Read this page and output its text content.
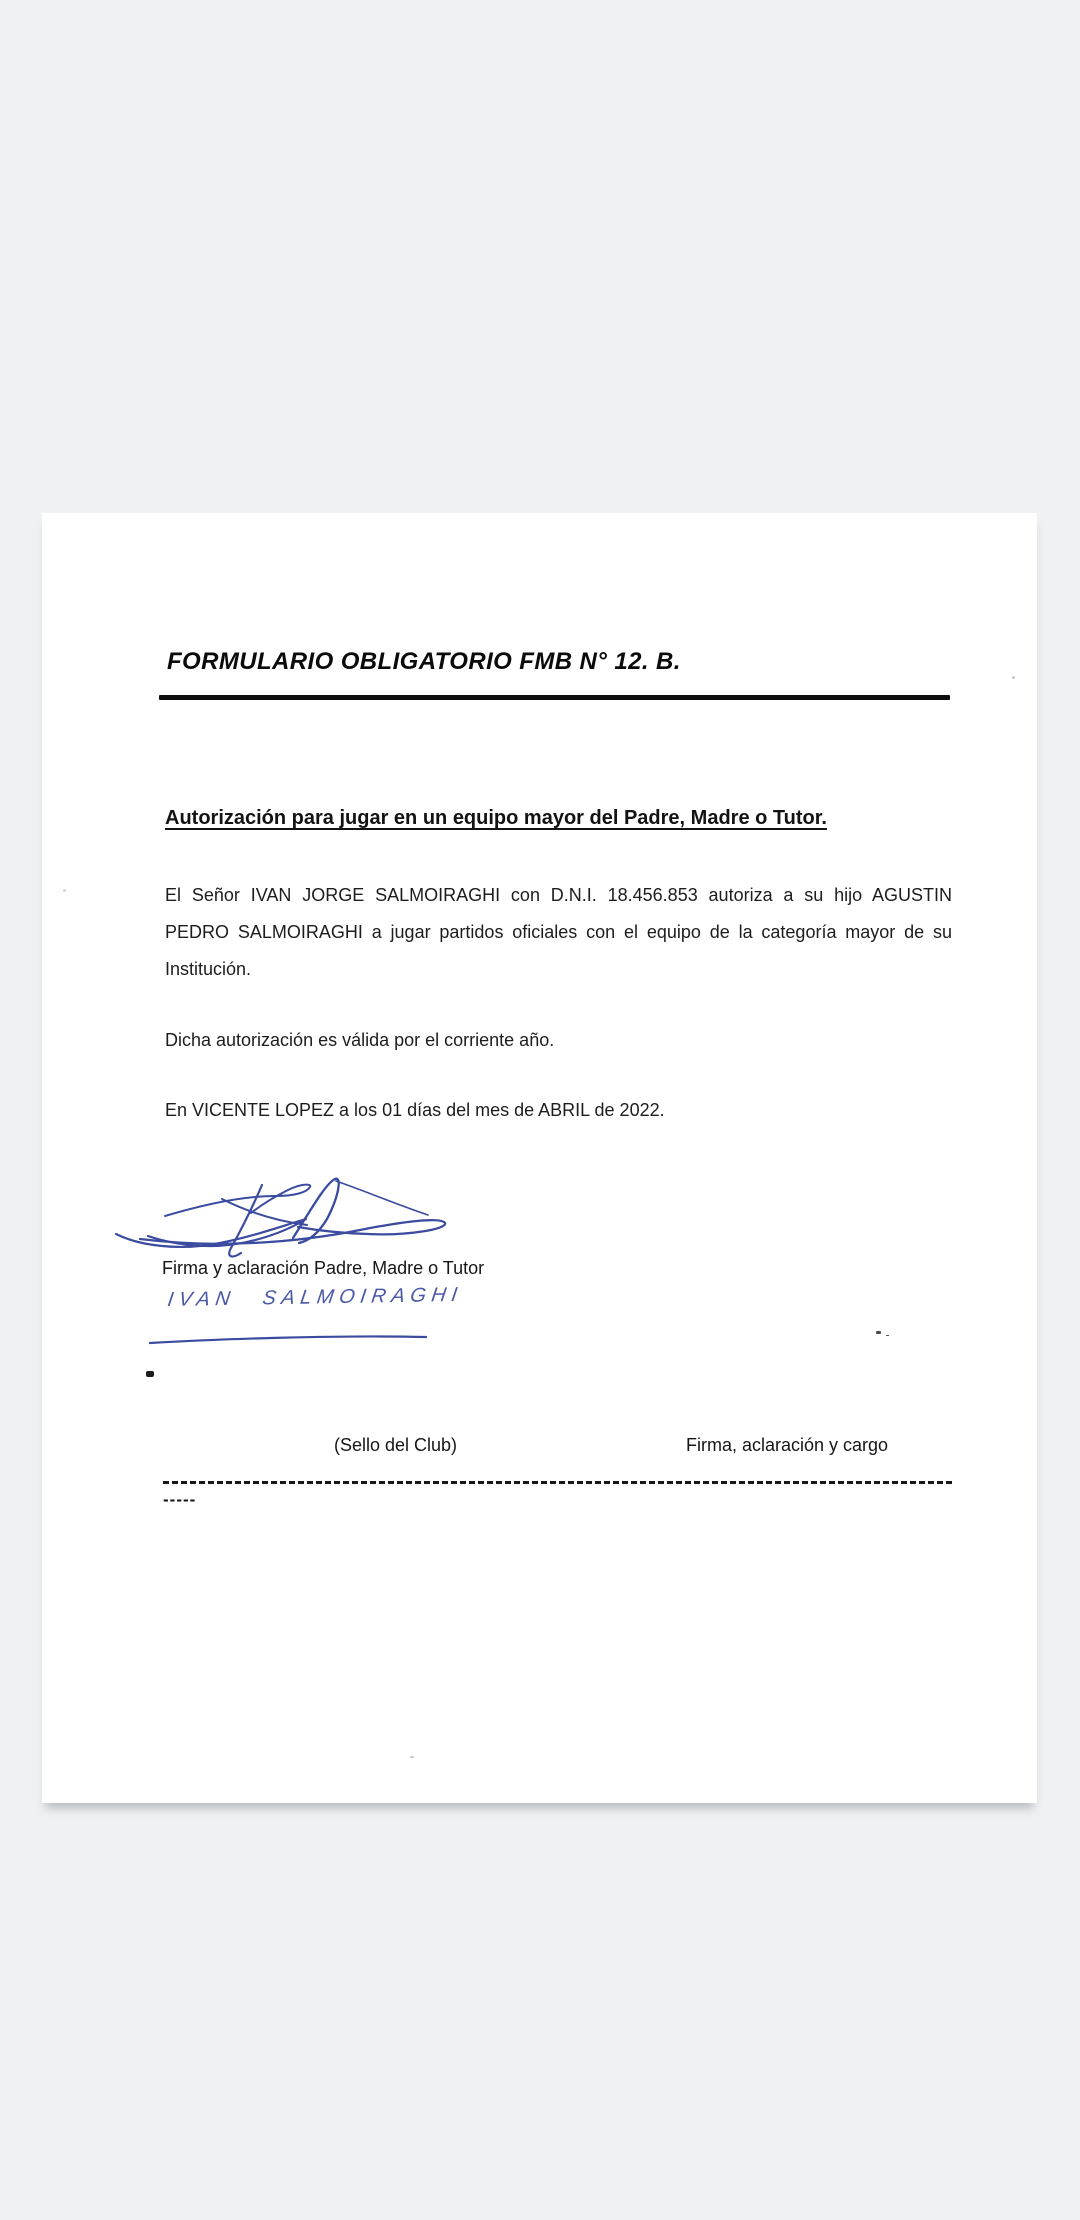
FORMULARIO OBLIGATORIO FMB N° 12. B.
Autorización para jugar en un equipo mayor del Padre, Madre o Tutor.
El Señor IVAN JORGE SALMOIRAGHI con D.N.I. 18.456.853 autoriza a su hijo AGUSTIN
PEDRO SALMOIRAGHI a jugar partidos oficiales con el equipo de la categoría mayor de su
Institución.
Dicha autorización es válida por el corriente año.
En VICENTE LOPEZ a los 01 días del mes de ABRIL de 2022.
Firma y aclaración Padre, Madre o Tutor
IVAN SALMOIRAGHI
(Sello del Club)	Firma, aclaración y cargo
-----
